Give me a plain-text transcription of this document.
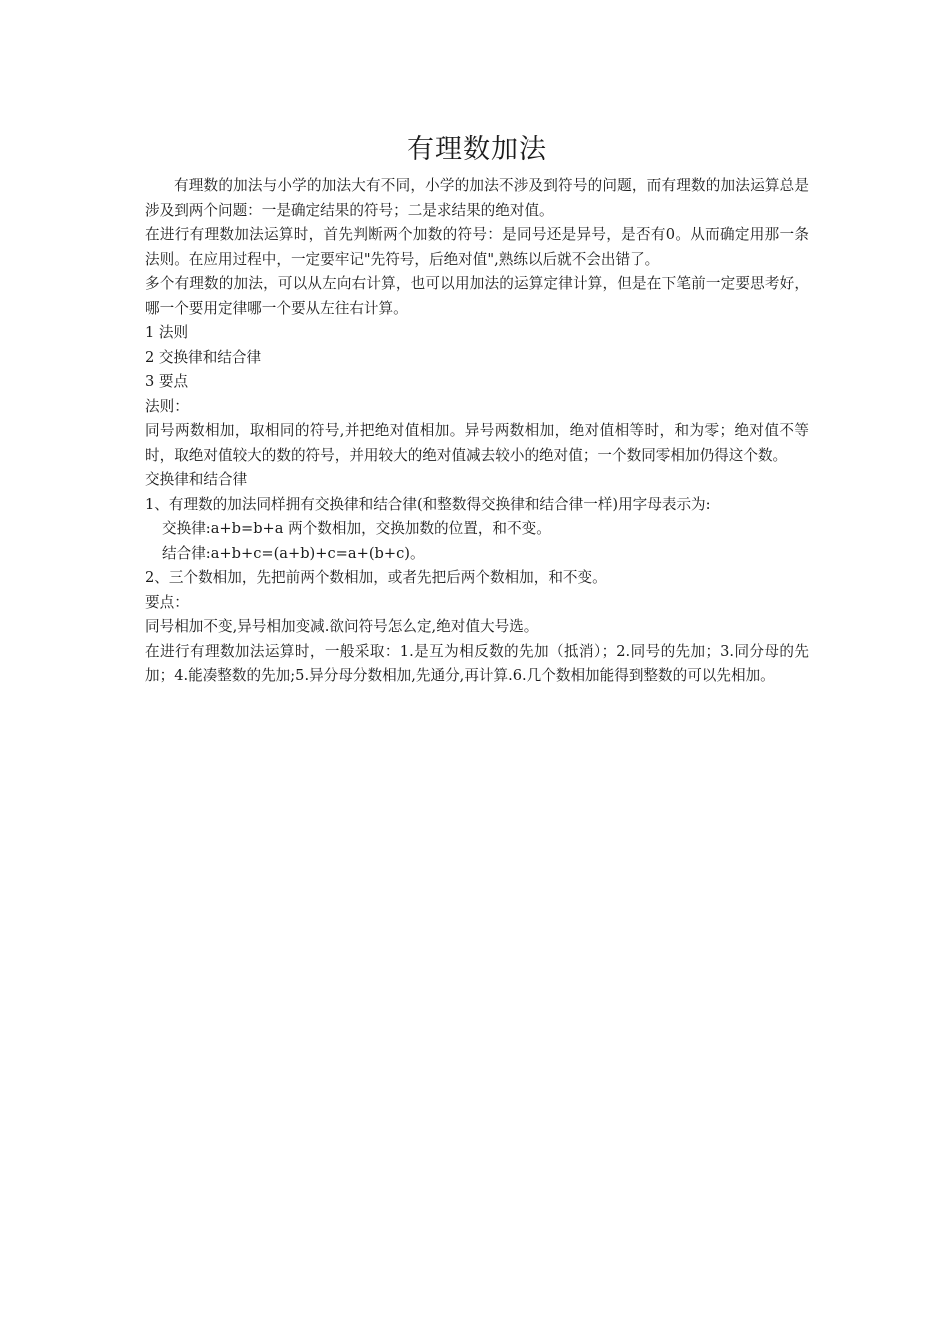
有理数加法

有理数的加法与小学的加法大有不同，小学的加法不涉及到符号的问题，而有理数的加法运算总是涉及到两个问题：一是确定结果的符号；二是求结果的绝对值。

在进行有理数加法运算时，首先判断两个加数的符号：是同号还是异号，是否有0。从而确定用那一条法则。在应用过程中，一定要牢记"先符号，后绝对值",熟练以后就不会出错了。

多个有理数的加法，可以从左向右计算，也可以用加法的运算定律计算，但是在下笔前一定要思考好，哪一个要用定律哪一个要从左往右计算。

1 法则

2 交换律和结合律

3 要点

法则：

同号两数相加，取相同的符号,并把绝对值相加。异号两数相加，绝对值相等时，和为零；绝对值不等时，取绝对值较大的数的符号，并用较大的绝对值减去较小的绝对值；一个数同零相加仍得这个数。

交换律和结合律

1、有理数的加法同样拥有交换律和结合律(和整数得交换律和结合律一样)用字母表示为:

交换律:a+b=b+a 两个数相加，交换加数的位置，和不变。

结合律:a+b+c=(a+b)+c=a+(b+c)。

2、三个数相加，先把前两个数相加，或者先把后两个数相加，和不变。

要点：

同号相加不变,异号相加变减.欲问符号怎么定,绝对值大号选。

在进行有理数加法运算时，一般采取：1.是互为相反数的先加（抵消）；2.同号的先加；3.同分母的先加；4.能凑整数的先加;5.异分母分数相加,先通分,再计算.6.几个数相加能得到整数的可以先相加。
